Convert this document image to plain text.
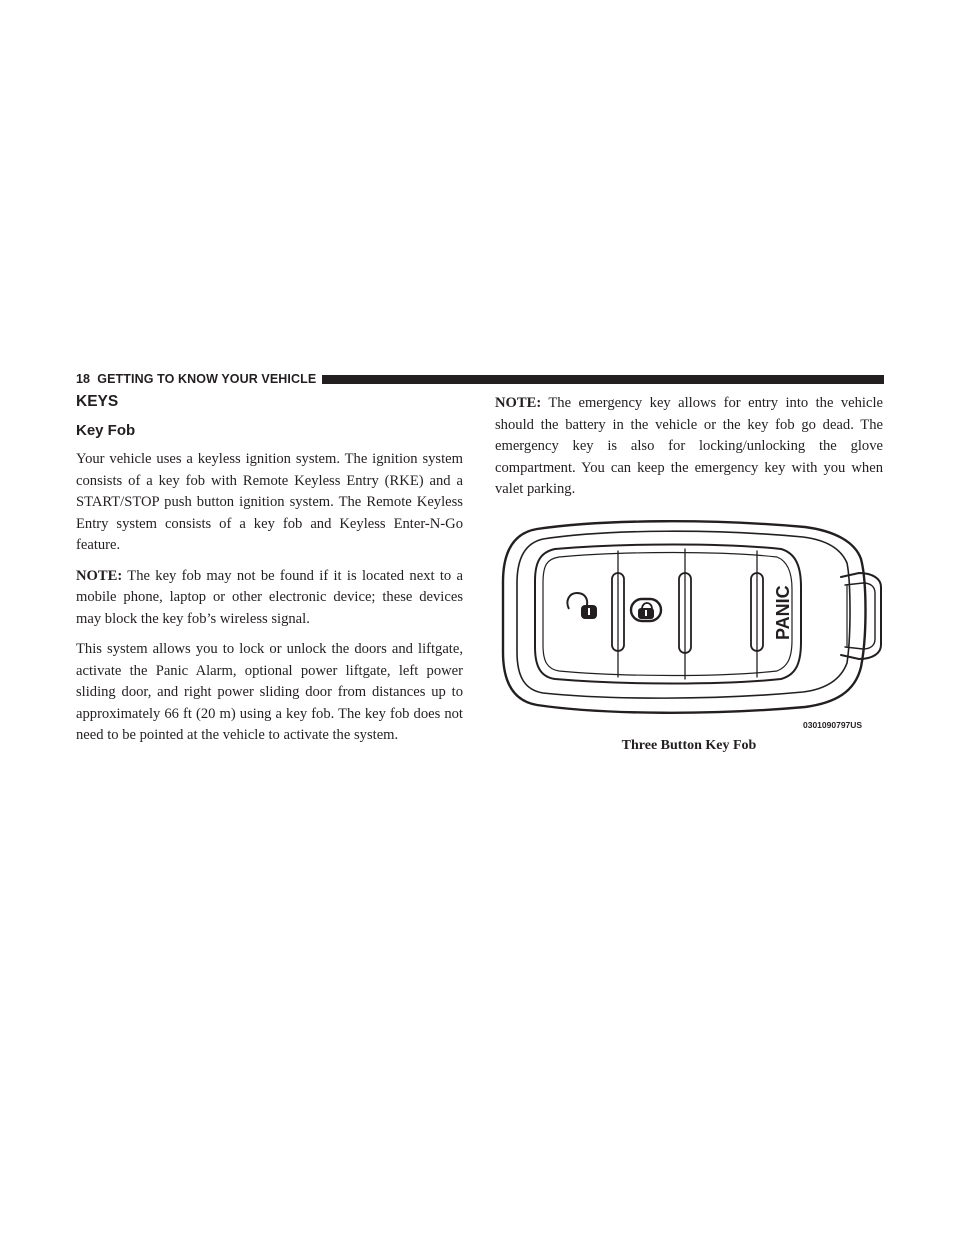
18 GETTING TO KNOW YOUR VEHICLE
KEYS
Key Fob

Your vehicle uses a keyless ignition system. The ignition system consists of a key fob with Remote Keyless Entry (RKE) and a START/STOP push button ignition system. The Remote Keyless Entry system consists of a key fob and Keyless Enter-N-Go feature.

NOTE: The key fob may not be found if it is located next to a mobile phone, laptop or other electronic device; these devices may block the key fob’s wireless signal.

This system allows you to lock or unlock the doors and liftgate, activate the Panic Alarm, optional power liftgate, left power sliding door, and right power sliding door from distances up to approximately 66 ft (20 m) using a key fob. The key fob does not need to be pointed at the vehicle to activate the system.

NOTE: The emergency key allows for entry into the vehicle should the battery in the vehicle or the key fob go dead. The emergency key is also for locking/unlocking the glove compartment. You can keep the emergency key with you when valet parking.

PANIC
0301090797US
Three Button Key Fob
